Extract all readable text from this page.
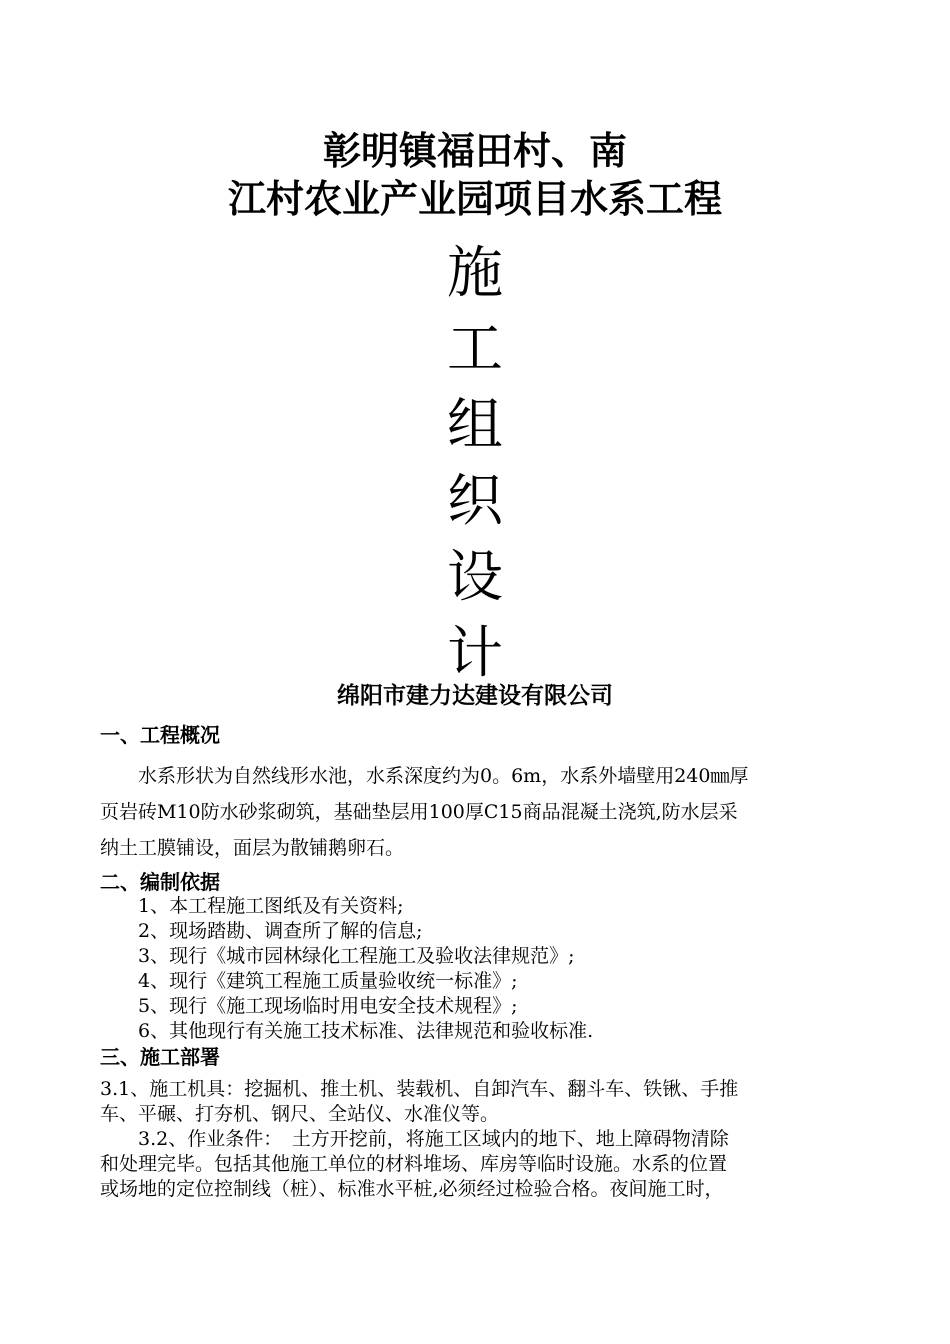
彰明镇福田村、南
江村农业产业园项目水系工程
施
工
组
织
设
计
绵阳市建力达建设有限公司
一、工程概况
　　水系形状为自然线形水池，水系深度约为0。6m，水系外墙壁用240㎜厚
页岩砖M10防水砂浆砌筑，基础垫层用100厚C15商品混凝土浇筑,防水层采
纳土工膜铺设，面层为散铺鹅卵石。
二、编制依据
　　1、本工程施工图纸及有关资料;
　　2、现场踏勘、调查所了解的信息;
　　3、现行《城市园林绿化工程施工及验收法律规范》;
　　4、现行《建筑工程施工质量验收统一标准》;
　　5、现行《施工现场临时用电安全技术规程》;
　　6、其他现行有关施工技术标准、法律规范和验收标准.
三、施工部署
3.1、施工机具：挖掘机、推土机、装载机、自卸汽车、翻斗车、铁锹、手推
车、平碾、打夯机、钢尺、全站仪、水准仪等。
　　3.2、作业条件：　土方开挖前，将施工区域内的地下、地上障碍物清除
和处理完毕。包括其他施工单位的材料堆场、库房等临时设施。水系的位置
或场地的定位控制线（桩）、标准水平桩,必须经过检验合格。夜间施工时，
